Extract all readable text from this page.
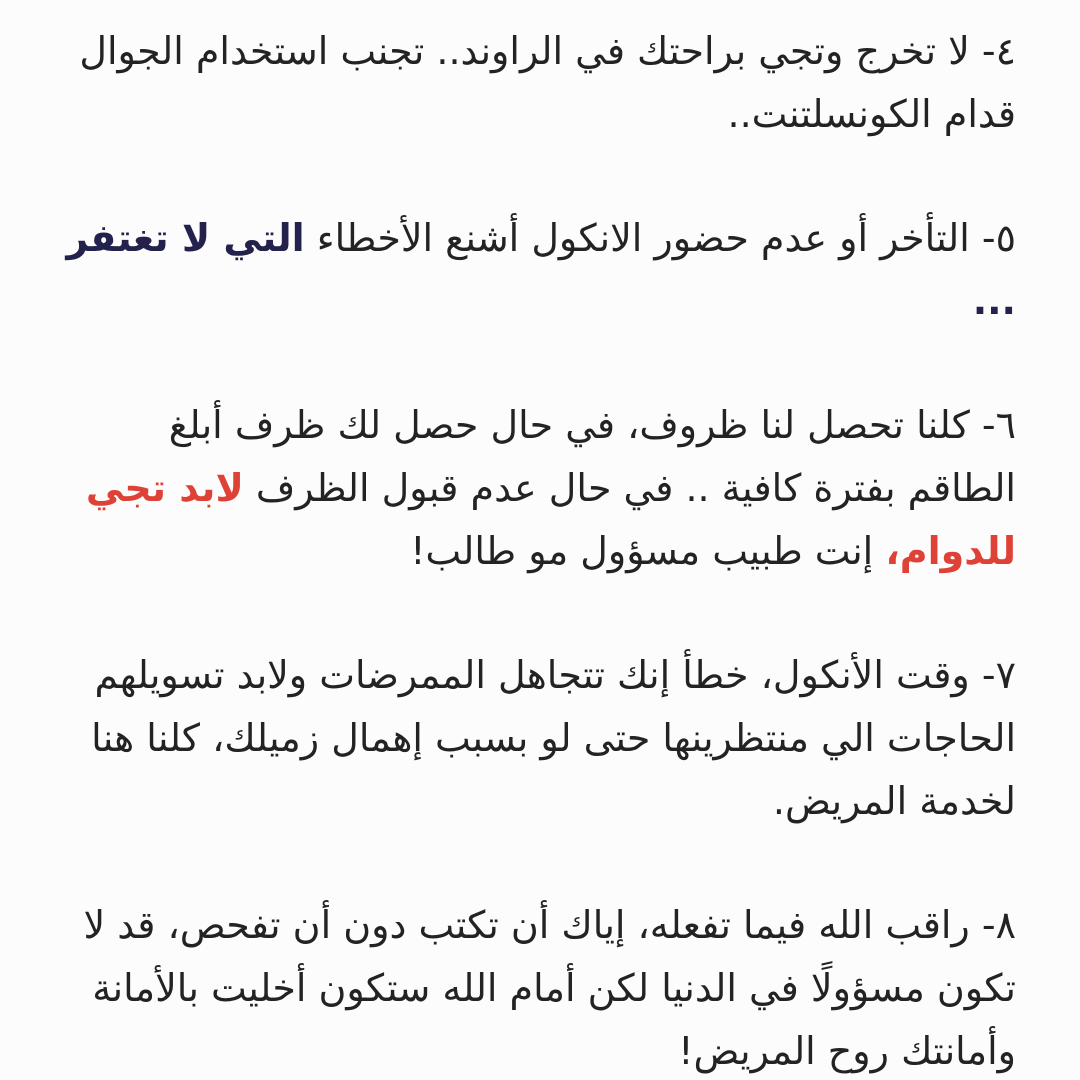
٤- لا تخرج وتجي براحتك في الراوند.. تجنب استخدام الجوال قدام الكونسلتنت..

٥- التأخر أو عدم حضور الانكول أشنع الأخطاء التي لا تغتفر ...

٦- كلنا تحصل لنا ظروف، في حال حصل لك ظرف أبلغ الطاقم بفترة كافية .. في حال عدم قبول الظرف لابد تجي للدوام، إنت طبيب مسؤول مو طالب!

٧- وقت الأنكول، خطأ إنك تتجاهل الممرضات ولابد تسويلهم الحاجات الي منتظرينها حتى لو بسبب إهمال زميلك، كلنا هنا لخدمة المريض.

٨- راقب الله فيما تفعله، إياك أن تكتب دون أن تفحص، قد لا تكون مسؤولًا في الدنيا لكن أمام الله ستكون أخليت بالأمانة وأمانتك روح المريض!
